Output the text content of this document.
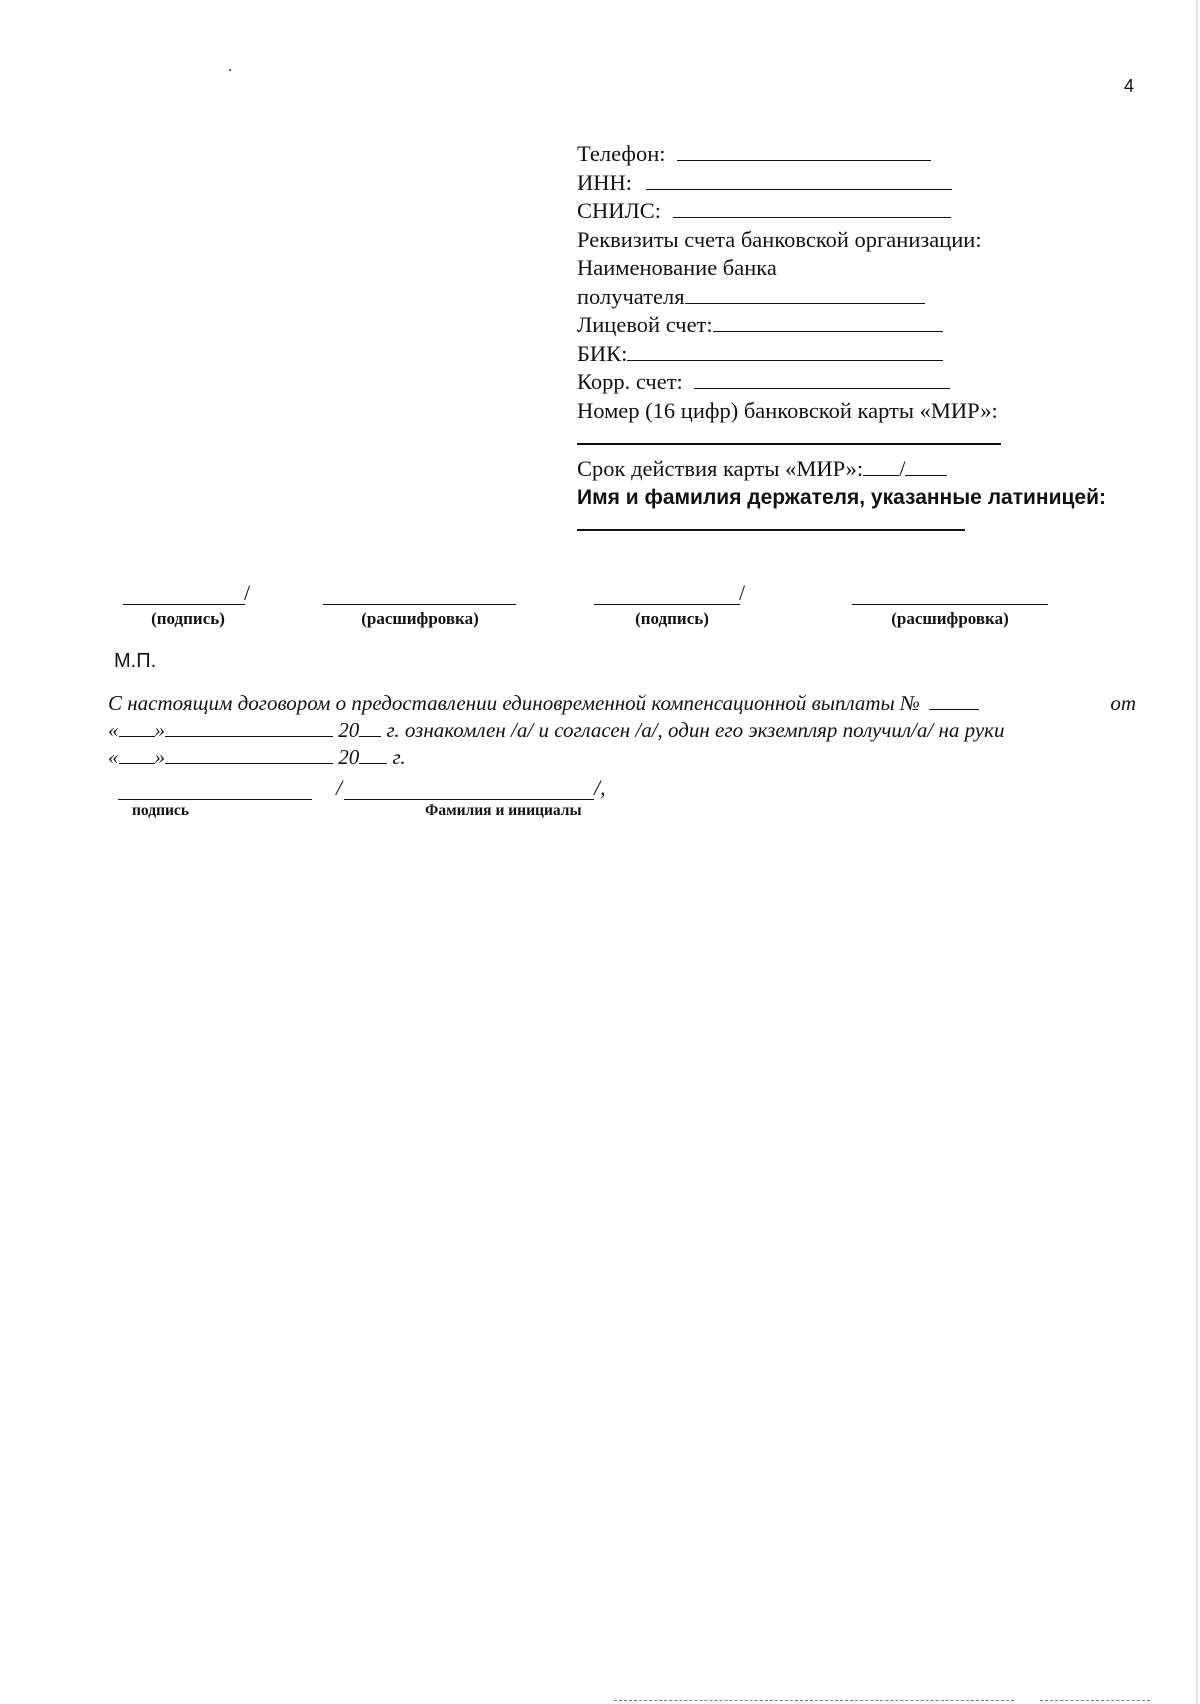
4
Телефон:
ИНН:
СНИЛС:
Реквизиты счета банковской организации:
Наименование банка
получателя
Лицевой счет:
БИК:
Корр. счет:
Номер (16 цифр) банковской карты «МИР»:
Срок действия карты «МИР»: /
Имя и фамилия держателя, указанные латиницей:
/	/
(подпись)	(расшифровка)	(подпись)	(расшифровка)
М.П.
С настоящим договором о предоставлении единовременной компенсационной выплаты №	от
« »	20 г. ознакомлен /а/ и согласен /а/, один его экземпляр получил/а/ на руки
« »	20 г.
/	/,
подпись	Фамилия и инициалы
